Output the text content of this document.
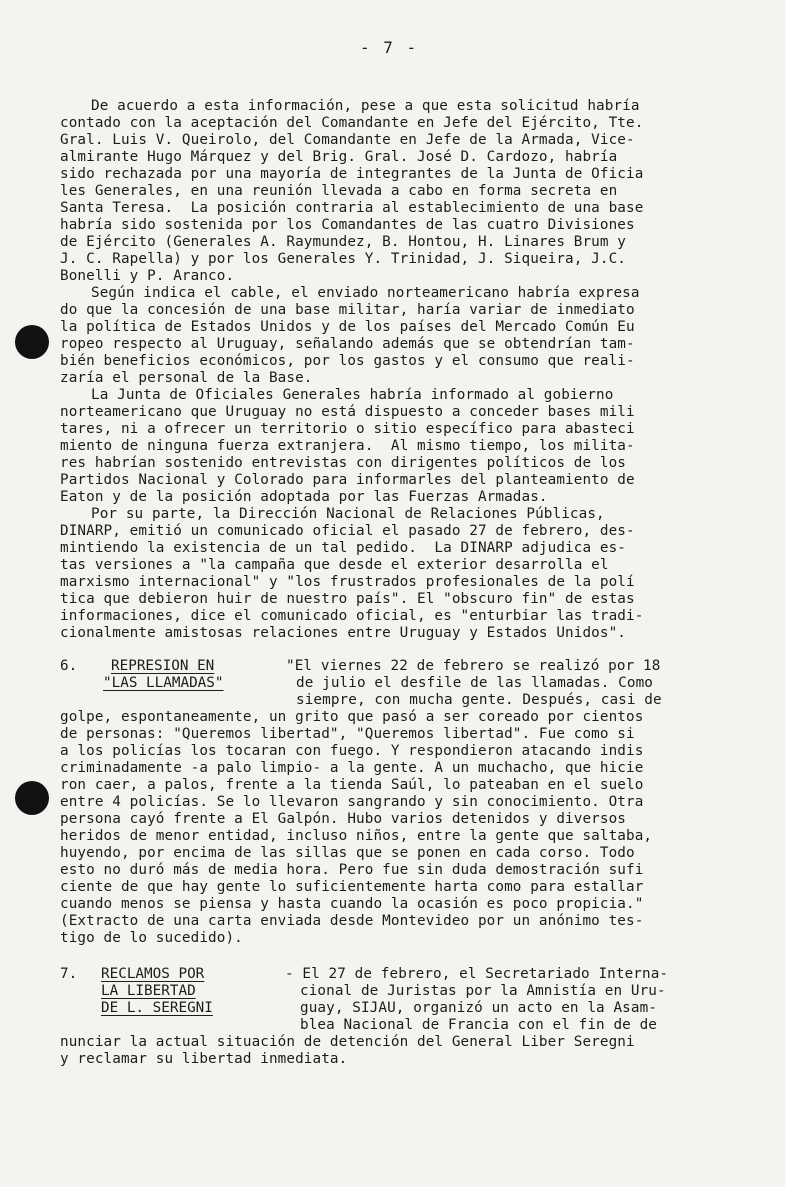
- 7 -
De acuerdo a esta información, pese a que esta solicitud habría
contado con la aceptación del Comandante en Jefe del Ejército, Tte.
Gral. Luis V. Queirolo, del Comandante en Jefe de la Armada, Vice-
almirante Hugo Márquez y del Brig. Gral. José D. Cardozo, habría
sido rechazada por una mayoría de integrantes de la Junta de Oficia
les Generales, en una reunión llevada a cabo en forma secreta en
Santa Teresa.  La posición contraria al establecimiento de una base
habría sido sostenida por los Comandantes de las cuatro Divisiones
de Ejército (Generales A. Raymundez, B. Hontou, H. Linares Brum y
J. C. Rapella) y por los Generales Y. Trinidad, J. Siqueira, J.C.
Bonelli y P. Aranco.
Según indica el cable, el enviado norteamericano habría expresa
do que la concesión de una base militar, haría variar de inmediato
la política de Estados Unidos y de los países del Mercado Común Eu
ropeo respecto al Uruguay, señalando además que se obtendrían tam-
bién beneficios económicos, por los gastos y el consumo que reali-
zaría el personal de la Base.
La Junta de Oficiales Generales habría informado al gobierno
norteamericano que Uruguay no está dispuesto a conceder bases mili
tares, ni a ofrecer un territorio o sitio específico para abasteci
miento de ninguna fuerza extranjera.  Al mismo tiempo, los milita-
res habrían sostenido entrevistas con dirigentes políticos de los
Partidos Nacional y Colorado para informarles del planteamiento de
Eaton y de la posición adoptada por las Fuerzas Armadas.
Por su parte, la Dirección Nacional de Relaciones Públicas,
DINARP, emitió un comunicado oficial el pasado 27 de febrero, des-
mintiendo la existencia de un tal pedido.  La DINARP adjudica es-
tas versiones a "la campaña que desde el exterior desarrolla el
marxismo internacional" y "los frustrados profesionales de la polí
tica que debieron huir de nuestro país". El "obscuro fin" de estas
informaciones, dice el comunicado oficial, es "enturbiar las tradi-
cionalmente amistosas relaciones entre Uruguay y Estados Unidos".
6. REPRESION EN
"LAS LLAMADAS"
"El viernes 22 de febrero se realizó por 18
de julio el desfile de las llamadas. Como
siempre, con mucha gente. Después, casi de
golpe, espontaneamente, un grito que pasó a ser coreado por cientos
de personas: "Queremos libertad", "Queremos libertad". Fue como si
a los policías los tocaran con fuego. Y respondieron atacando indis
criminadamente -a palo limpio- a la gente. A un muchacho, que hicie
ron caer, a palos, frente a la tienda Saúl, lo pateaban en el suelo
entre 4 policías. Se lo llevaron sangrando y sin conocimiento. Otra
persona cayó frente a El Galpón. Hubo varios detenidos y diversos
heridos de menor entidad, incluso niños, entre la gente que saltaba,
huyendo, por encima de las sillas que se ponen en cada corso. Todo
esto no duró más de media hora. Pero fue sin duda demostración sufi
ciente de que hay gente lo suficientemente harta como para estallar
cuando menos se piensa y hasta cuando la ocasión es poco propicia."
(Extracto de una carta enviada desde Montevideo por un anónimo tes-
tigo de lo sucedido).
7. RECLAMOS POR
LA LIBERTAD
DE L. SEREGNI
- El 27 de febrero, el Secretariado Interna-
cional de Juristas por la Amnistía en Uru-
guay, SIJAU, organizó un acto en la Asam-
blea Nacional de Francia con el fin de de
nunciar la actual situación de detención del General Liber Seregni
y reclamar su libertad inmediata.
